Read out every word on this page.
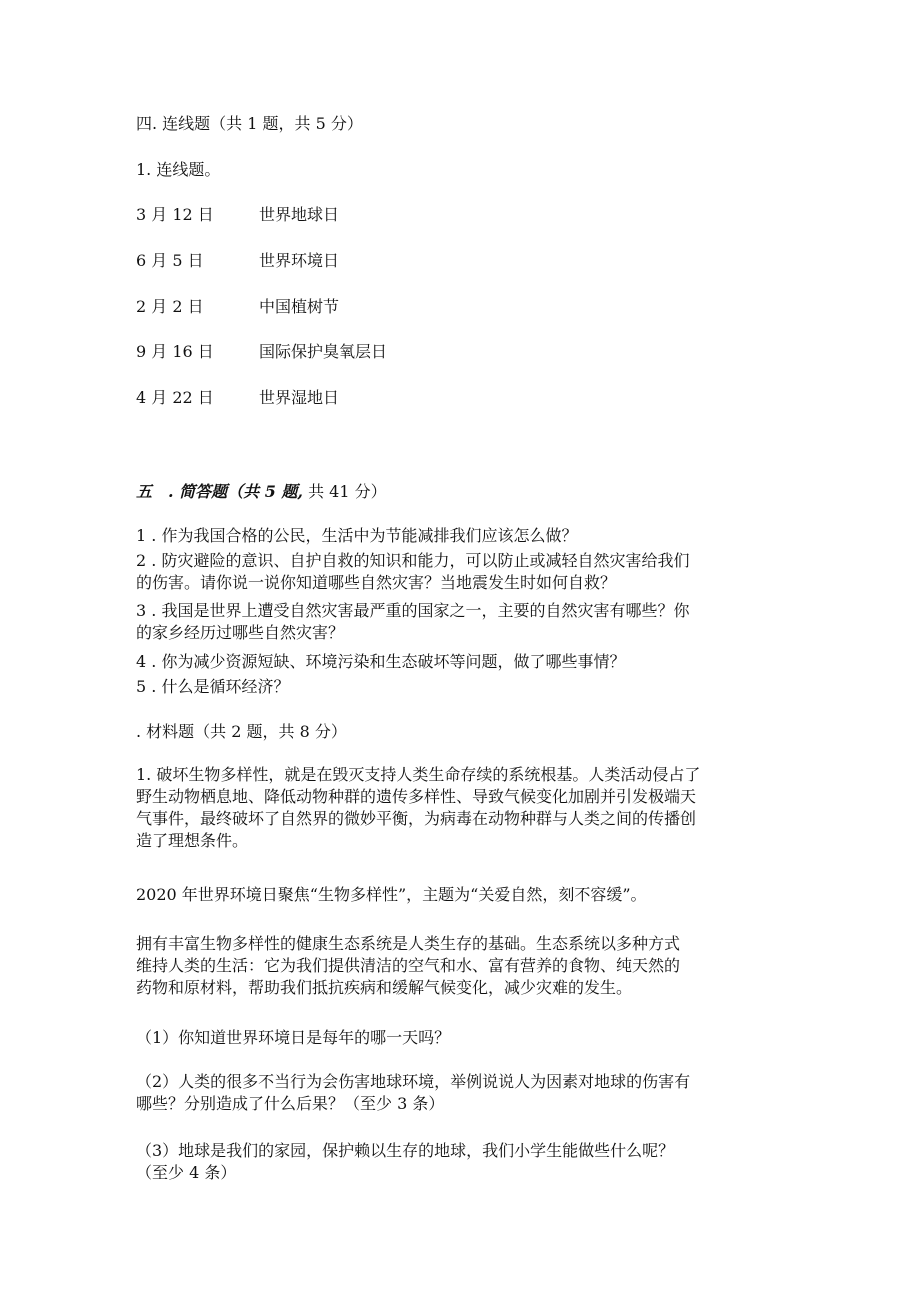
四. 连线题（共 1 题，共 5 分）

1. 连线题。

3 月 12 日	世界地球日
6 月 5 日	世界环境日
2 月 2 日	中国植树节
9 月 16 日	国际保护臭氧层日
4 月 22 日	世界湿地日

五　. 简答题（共 5 题, 共 41 分）

1 . 作为我国合格的公民，生活中为节能减排我们应该怎么做？

2 . 防灾避险的意识、自护自救的知识和能力，可以防止或减轻自然灾害给我们
的伤害。请你说一说你知道哪些自然灾害？当地震发生时如何自救？

3 . 我国是世界上遭受自然灾害最严重的国家之一，主要的自然灾害有哪些？你
的家乡经历过哪些自然灾害？

4 . 你为减少资源短缺、环境污染和生态破坏等问题，做了哪些事情？

5 . 什么是循环经济？

. 材料题（共 2 题，共 8 分）

1. 破坏生物多样性，就是在毁灭支持人类生命存续的系统根基。人类活动侵占了
野生动物栖息地、降低动物种群的遗传多样性、导致气候变化加剧并引发极端天
气事件，最终破坏了自然界的微妙平衡，为病毒在动物种群与人类之间的传播创
造了理想条件。

2020 年世界环境日聚焦“生物多样性”，主题为“关爱自然，刻不容缓”。

拥有丰富生物多样性的健康生态系统是人类生存的基础。生态系统以多种方式
维持人类的生活：它为我们提供清洁的空气和水、富有营养的食物、纯天然的
药物和原材料，帮助我们抵抗疾病和缓解气候变化，减少灾难的发生。

（1）你知道世界环境日是每年的哪一天吗？

（2）人类的很多不当行为会伤害地球环境，举例说说人为因素对地球的伤害有
哪些？分别造成了什么后果？（至少 3 条）

（3）地球是我们的家园，保护赖以生存的地球，我们小学生能做些什么呢？
（至少 4 条）
